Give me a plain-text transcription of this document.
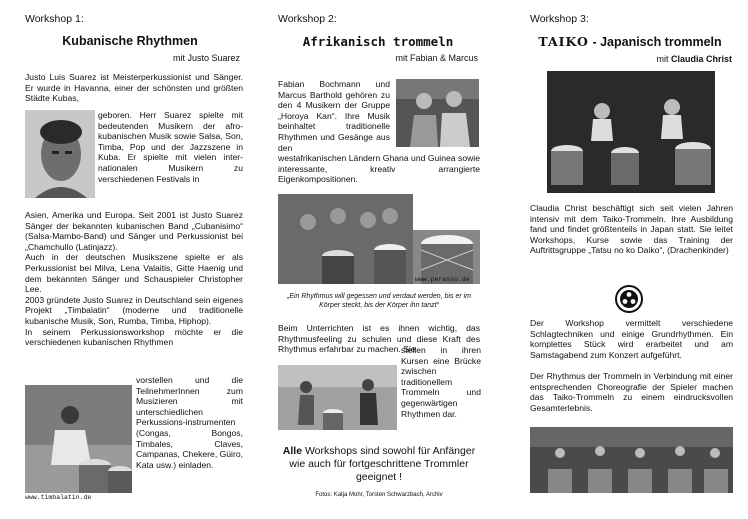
Workshop 1:
Kubanische Rhythmen
mit Justo Suarez
Justo Luis Suarez ist Meisterperkussionist und Sänger. Er wurde in Havanna, einer der schönsten und größten Städte Kubas,
geboren. Herr Suarez spielte mit bedeutenden Musikern der afro-kubanischen Musik sowie Salsa, Son, Timba, Pop und der Jazzszene in Kuba. Er spielte mit vielen inter-nationalen Musikern zu verschiedenen Festivals in
Asien, Amerika und Europa. Seit 2001 ist Justo Suarez Sänger der bekannten kubanischen Band „Cubanisimo“ (Salsa-Mambo-Band) und Sänger und Perkussionist bei „Chamchullo (Latinjazz).
Auch in der deutschen Musikszene spielte er als Perkussionist bei Milva, Lena Valaitis, Gitte Haenig und dem bekannten Sänger und Schauspieler Christopher Lee.
2003 gründete Justo Suarez in Deutschland sein eigenes Projekt „Timbalatin“ (moderne und traditionelle kubanische Musik, Son, Rumba, Timba, Hiphop).
In seinem Perkussionsworkshop möchte er die verschiedenen kubanischen Rhythmen
www.timbalatin.de
vorstellen und die TeilnehmerInnen zum Musizieren mit unterschiedlichen Perkussions-instrumenten (Congas, Bongos, Timbales, Claves, Campanas, Chekere, Güiro, Kata usw.) einladen.
Workshop 2:
Afrikanisch trommeln
mit Fabian & Marcus
Fabian Bochmann und Marcus Barthold gehören zu den 4 Musikern der Gruppe „Horoya Kan“. Ihre Musik beinhaltet traditionelle Rhythmen und Gesänge aus den
westafrikanischen Ländern Ghana und Guinea sowie interessante, kreativ arrangierte Eigenkompositionen.
www.perasso.de
„Ein Rhythmus will gegessen und verdaut werden, bis er im Körper steckt, bis der Körper ihn tanzt“
Beim Unterrichten ist es ihnen wichtig, das Rhythmusfeeling zu schulen und diese Kraft des Rhythmus erfahrbar zu machen. Sie
stellen in ihren Kursen eine Brücke zwischen traditionellem Trommeln und gegenwärtigen Rhythmen dar.
Alle Workshops sind sowohl für Anfänger wie auch für fortgeschrittene Trommler geeignet !
Fotos: Katja Mohr, Torsten Schwarzbach, Archiv
Workshop 3:
TAIKO - Japanisch trommeln
mit Claudia Christ
Claudia Christ beschäftigt sich seit vielen Jahren intensiv mit dem Taiko-Trommeln. Ihre Ausbildung fand und findet größtenteils in Japan statt. Sie leitet Workshops, Kurse sowie das Training der Auftrittsgruppe „Tatsu no ko Daiko“, (Drachenkinder)
Der Workshop vermittelt verschiedene Schlagtechniken und einige Grundrhythmen. Ein komplettes Stück wird erarbeitet und am Samstagabend zum Konzert aufgeführt.
Der Rhythmus der Trommeln in Verbindung mit einer entsprechenden Choreografie der Spieler machen das Taiko-Trommeln zu einem eindrucksvollen Gesamterlebnis.
